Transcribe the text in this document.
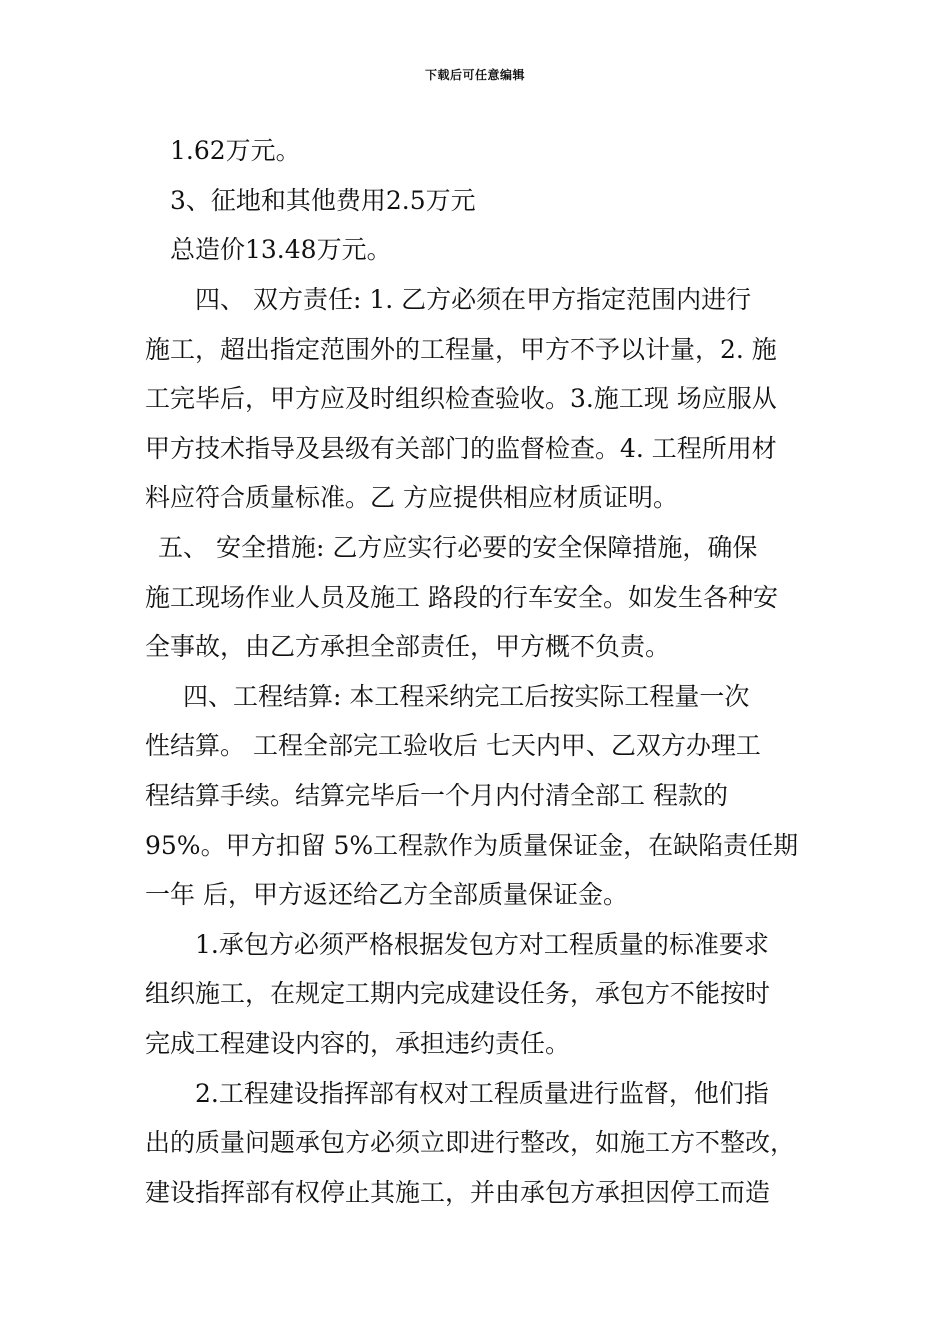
下载后可任意编辑
1.62万元。
3、征地和其他费用2.5万元
总造价13.48万元。
四、 双方责任: 1. 乙方必须在甲方指定范围内进行
施工，超出指定范围外的工程量，甲方不予以计量，2. 施
工完毕后，甲方应及时组织检查验收。3.施工现 场应服从
甲方技术指导及县级有关部门的监督检查。4. 工程所用材
料应符合质量标准。乙 方应提供相应材质证明。
五、 安全措施: 乙方应实行必要的安全保障措施，确保
施工现场作业人员及施工 路段的行车安全。如发生各种安
全事故，由乙方承担全部责任，甲方概不负责。
四、工程结算: 本工程采纳完工后按实际工程量一次
性结算。 工程全部完工验收后 七天内甲、乙双方办理工
程结算手续。结算完毕后一个月内付清全部工 程款的
95%。甲方扣留 5%工程款作为质量保证金，在缺陷责任期
一年 后，甲方返还给乙方全部质量保证金。
1.承包方必须严格根据发包方对工程质量的标准要求
组织施工，在规定工期内完成建设任务，承包方不能按时
完成工程建设内容的，承担违约责任。
2.工程建设指挥部有权对工程质量进行监督，他们指
出的质量问题承包方必须立即进行整改，如施工方不整改，
建设指挥部有权停止其施工，并由承包方承担因停工而造
